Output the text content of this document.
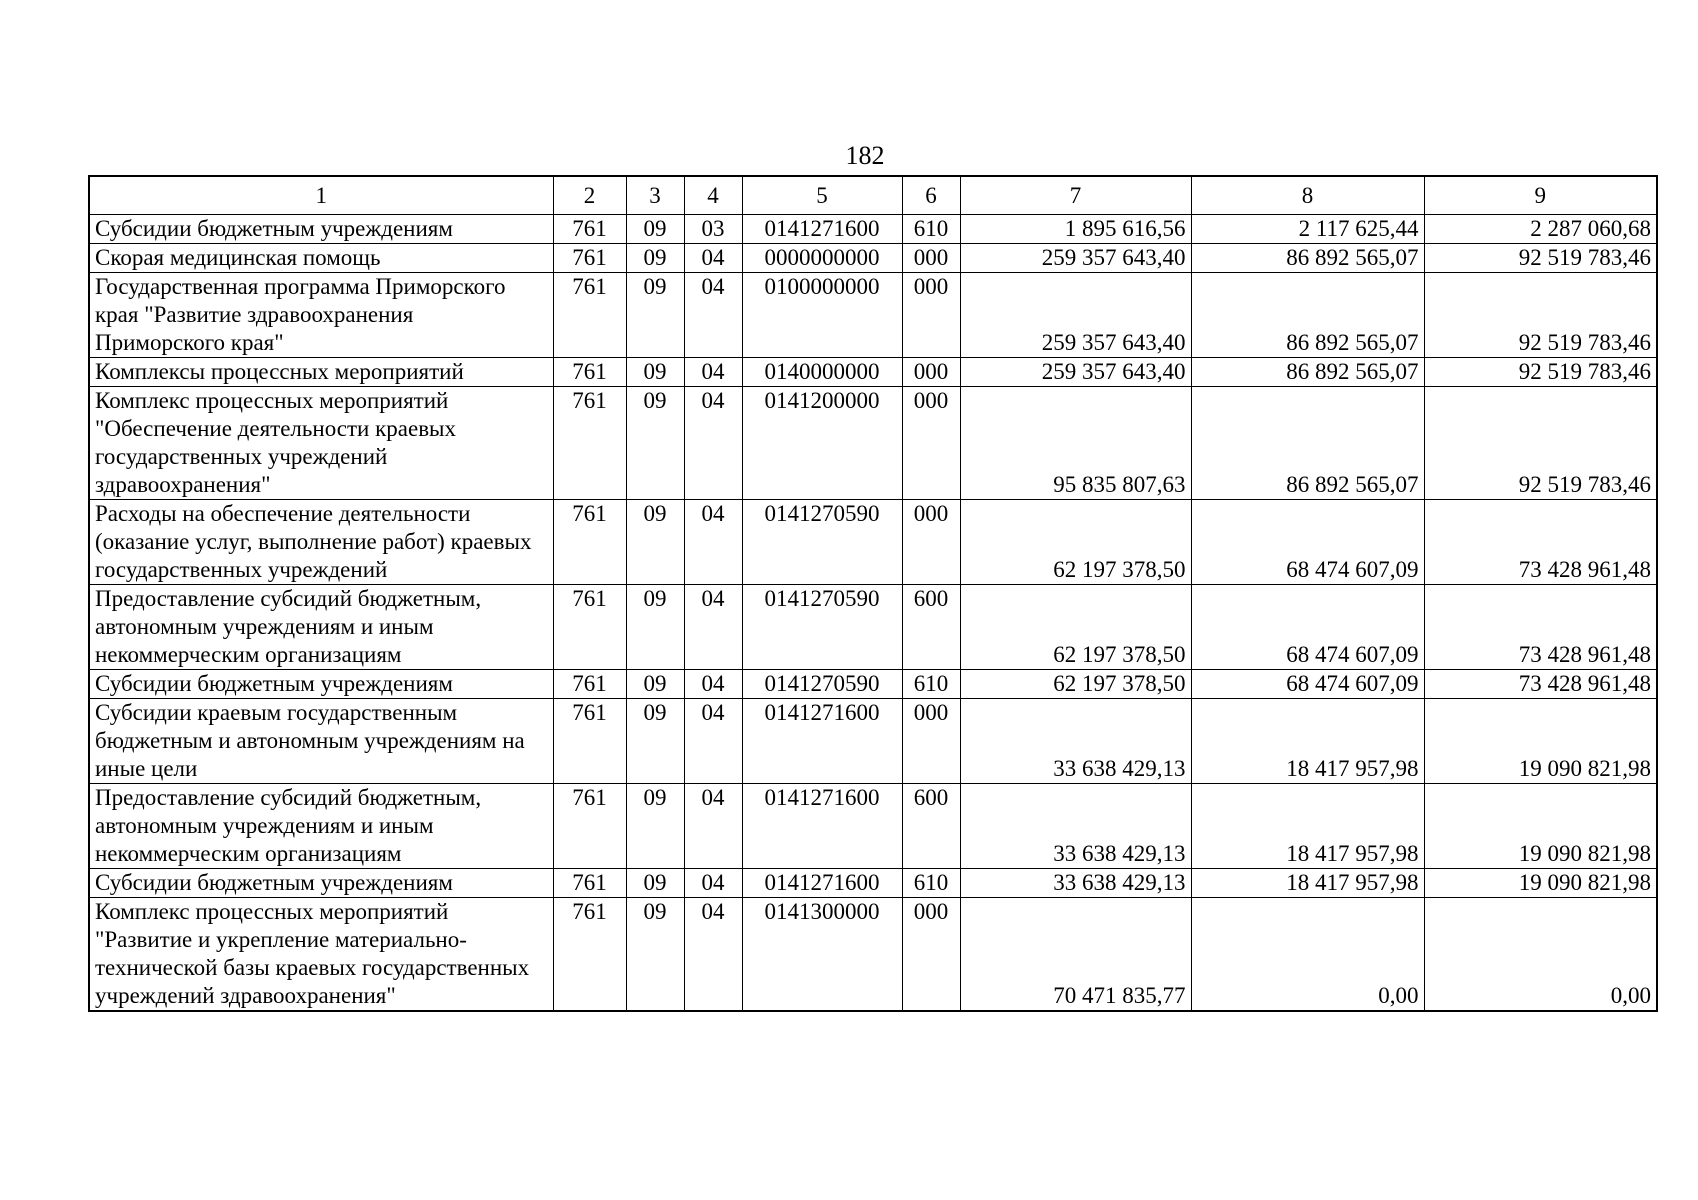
182
1	2	3	4	5	6	7	8	9
Субсидии бюджетным учреждениям	761	09	03	0141271600	610	1 895 616,56	2 117 625,44	2 287 060,68
Скорая медицинская помощь	761	09	04	0000000000	000	259 357 643,40	86 892 565,07	92 519 783,46
Государственная программа Приморского края "Развитие здравоохранения Приморского края"	761	09	04	0100000000	000	259 357 643,40	86 892 565,07	92 519 783,46
Комплексы процессных мероприятий	761	09	04	0140000000	000	259 357 643,40	86 892 565,07	92 519 783,46
Комплекс процессных мероприятий "Обеспечение деятельности краевых государственных учреждений здравоохранения"	761	09	04	0141200000	000	95 835 807,63	86 892 565,07	92 519 783,46
Расходы на обеспечение деятельности (оказание услуг, выполнение работ) краевых государственных учреждений	761	09	04	0141270590	000	62 197 378,50	68 474 607,09	73 428 961,48
Предоставление субсидий бюджетным, автономным учреждениям и иным некоммерческим организациям	761	09	04	0141270590	600	62 197 378,50	68 474 607,09	73 428 961,48
Субсидии бюджетным учреждениям	761	09	04	0141270590	610	62 197 378,50	68 474 607,09	73 428 961,48
Субсидии краевым государственным бюджетным и автономным учреждениям на иные цели	761	09	04	0141271600	000	33 638 429,13	18 417 957,98	19 090 821,98
Предоставление субсидий бюджетным, автономным учреждениям и иным некоммерческим организациям	761	09	04	0141271600	600	33 638 429,13	18 417 957,98	19 090 821,98
Субсидии бюджетным учреждениям	761	09	04	0141271600	610	33 638 429,13	18 417 957,98	19 090 821,98
Комплекс процессных мероприятий "Развитие и укрепление материально-технической базы краевых государственных учреждений здравоохранения"	761	09	04	0141300000	000	70 471 835,77	0,00	0,00
